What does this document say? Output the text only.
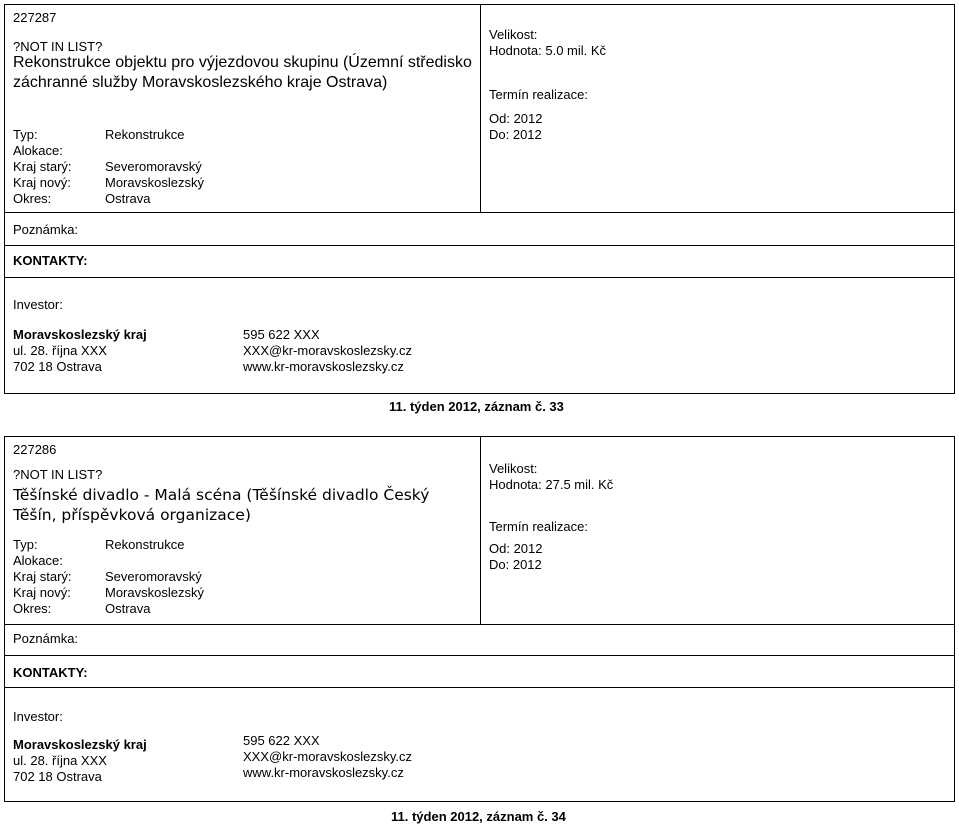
227287
?NOT IN LIST?
Rekonstrukce objektu pro výjezdovou skupinu (Územní středisko záchranné služby Moravskoslezského kraje Ostrava)
Typ:
Alokace:
Kraj starý:
Kraj nový:
Okres:
Rekonstrukce
Severomoravský
Moravskoslezský
Ostrava
Velikost:
Hodnota: 5.0 mil. Kč
Termín realizace:
Od: 2012
Do: 2012
Poznámka:
KONTAKTY:
Investor:
Moravskoslezský kraj
ul. 28. října XXX
702 18 Ostrava
595 622 XXX
XXX@kr-moravskoslezsky.cz
www.kr-moravskoslezsky.cz
11. týden 2012, záznam č. 33
227286
?NOT IN LIST?
Těšínské divadlo - Malá scéna (Těšínské divadlo Český Těšín, příspěvková organizace)
Typ:
Alokace:
Kraj starý:
Kraj nový:
Okres:
Rekonstrukce
Severomoravský
Moravskoslezský
Ostrava
Velikost:
Hodnota: 27.5 mil. Kč
Termín realizace:
Od: 2012
Do: 2012
Poznámka:
KONTAKTY:
Investor:
Moravskoslezský kraj
ul. 28. října XXX
702 18 Ostrava
595 622 XXX
XXX@kr-moravskoslezsky.cz
www.kr-moravskoslezsky.cz
11. týden 2012, záznam č. 34
